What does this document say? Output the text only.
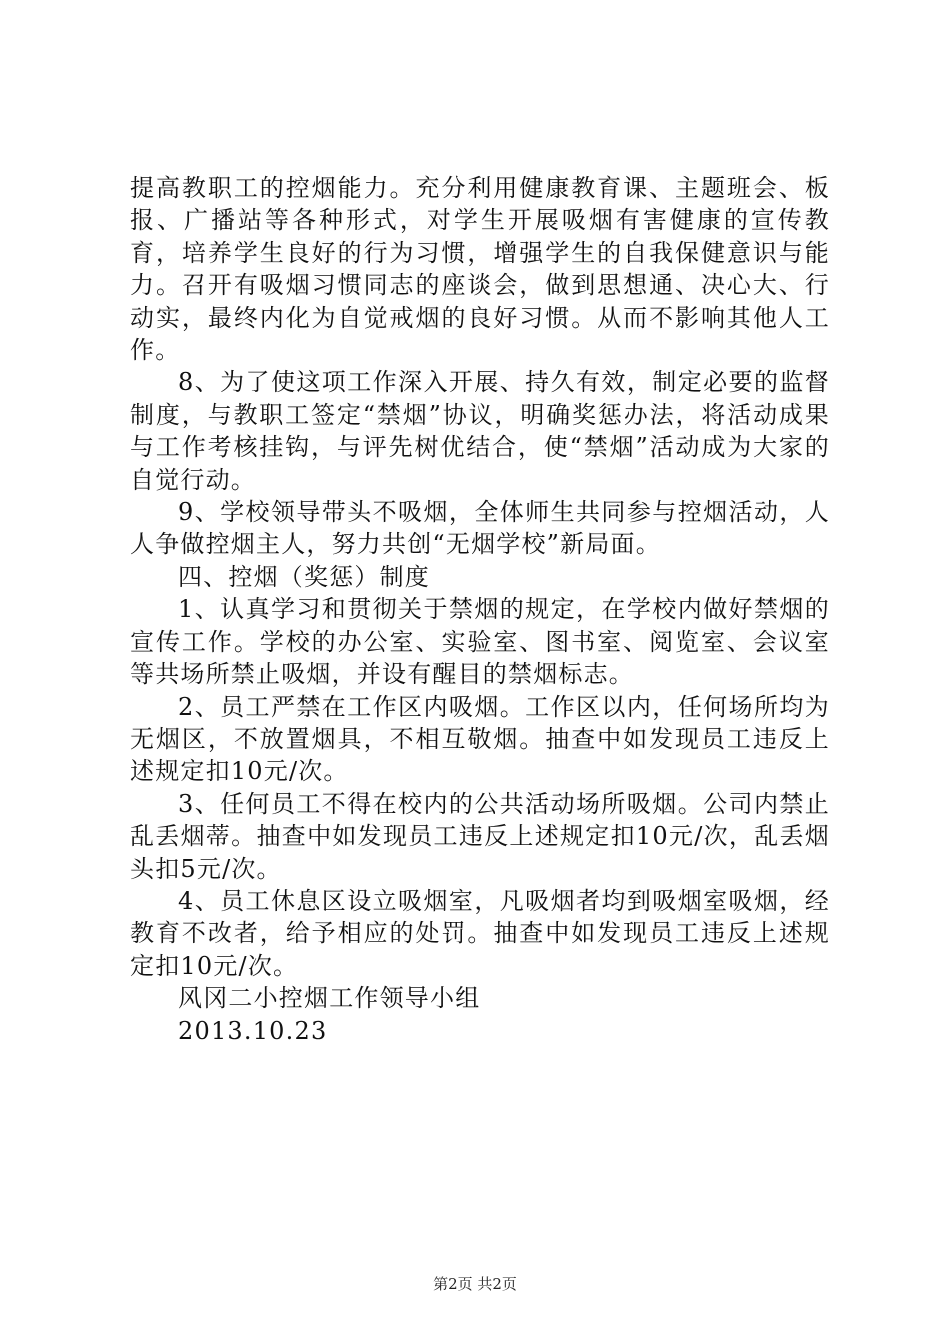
提高教职工的控烟能力。充分利用健康教育课、主题班会、板报、广播站等各种形式，对学生开展吸烟有害健康的宣传教育，培养学生良好的行为习惯，增强学生的自我保健意识与能力。召开有吸烟习惯同志的座谈会，做到思想通、决心大、行动实，最终内化为自觉戒烟的良好习惯。从而不影响其他人工作。

8、为了使这项工作深入开展、持久有效，制定必要的监督制度，与教职工签定“禁烟”协议，明确奖惩办法，将活动成果与工作考核挂钩，与评先树优结合，使“禁烟”活动成为大家的自觉行动。

9、学校领导带头不吸烟，全体师生共同参与控烟活动，人人争做控烟主人，努力共创“无烟学校”新局面。

四、控烟（奖惩）制度

1、认真学习和贯彻关于禁烟的规定，在学校内做好禁烟的宣传工作。学校的办公室、实验室、图书室、阅览室、会议室等共场所禁止吸烟，并设有醒目的禁烟标志。

2、员工严禁在工作区内吸烟。工作区以内，任何场所均为无烟区，不放置烟具，不相互敬烟。抽查中如发现员工违反上述规定扣10元/次。

3、任何员工不得在校内的公共活动场所吸烟。公司内禁止乱丢烟蒂。抽查中如发现员工违反上述规定扣10元/次，乱丢烟头扣5元/次。

4、员工休息区设立吸烟室，凡吸烟者均到吸烟室吸烟，经教育不改者，给予相应的处罚。抽查中如发现员工违反上述规定扣10元/次。

风冈二小控烟工作领导小组

2013.10.23

第2页 共2页
